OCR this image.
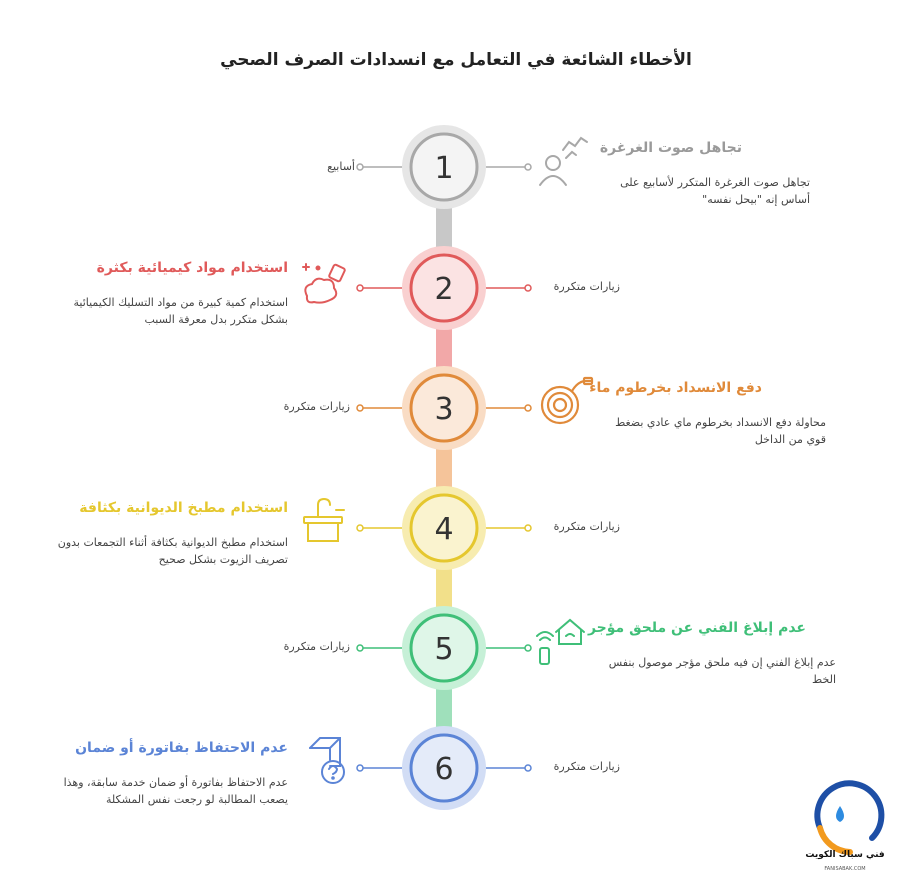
الأخطاء الشائعة في التعامل مع انسدادات الصرف الصحي
1
2
3
4
5
6
تجاهل صوت الغرغرة
تجاهل صوت الغرغرة المتكرر لأسابيع على أساس إنه "بيحل نفسه"
أسابيع
استخدام مواد كيميائية بكثرة
استخدام كمية كبيرة من مواد التسليك الكيميائية بشكل متكرر بدل معرفة السبب
زيارات متكررة
دفع الانسداد بخرطوم ماء
محاولة دفع الانسداد بخرطوم ماي عادي بضغط قوي من الداخل
زيارات متكررة
استخدام مطبخ الديوانية بكثافة
استخدام مطبخ الديوانية بكثافة أثناء التجمعات بدون تصريف الزيوت بشكل صحيح
زيارات متكررة
عدم إبلاغ الفني عن ملحق مؤجر
عدم إبلاغ الفني إن فيه ملحق مؤجر موصول بنفس الخط
زيارات متكررة
عدم الاحتفاظ بفاتورة أو ضمان
عدم الاحتفاظ بفاتورة أو ضمان خدمة سابقة، وهذا يصعب المطالبة لو رجعت نفس المشكلة
زيارات متكررة
فني سباك الكويت
FANISABAK.COM
